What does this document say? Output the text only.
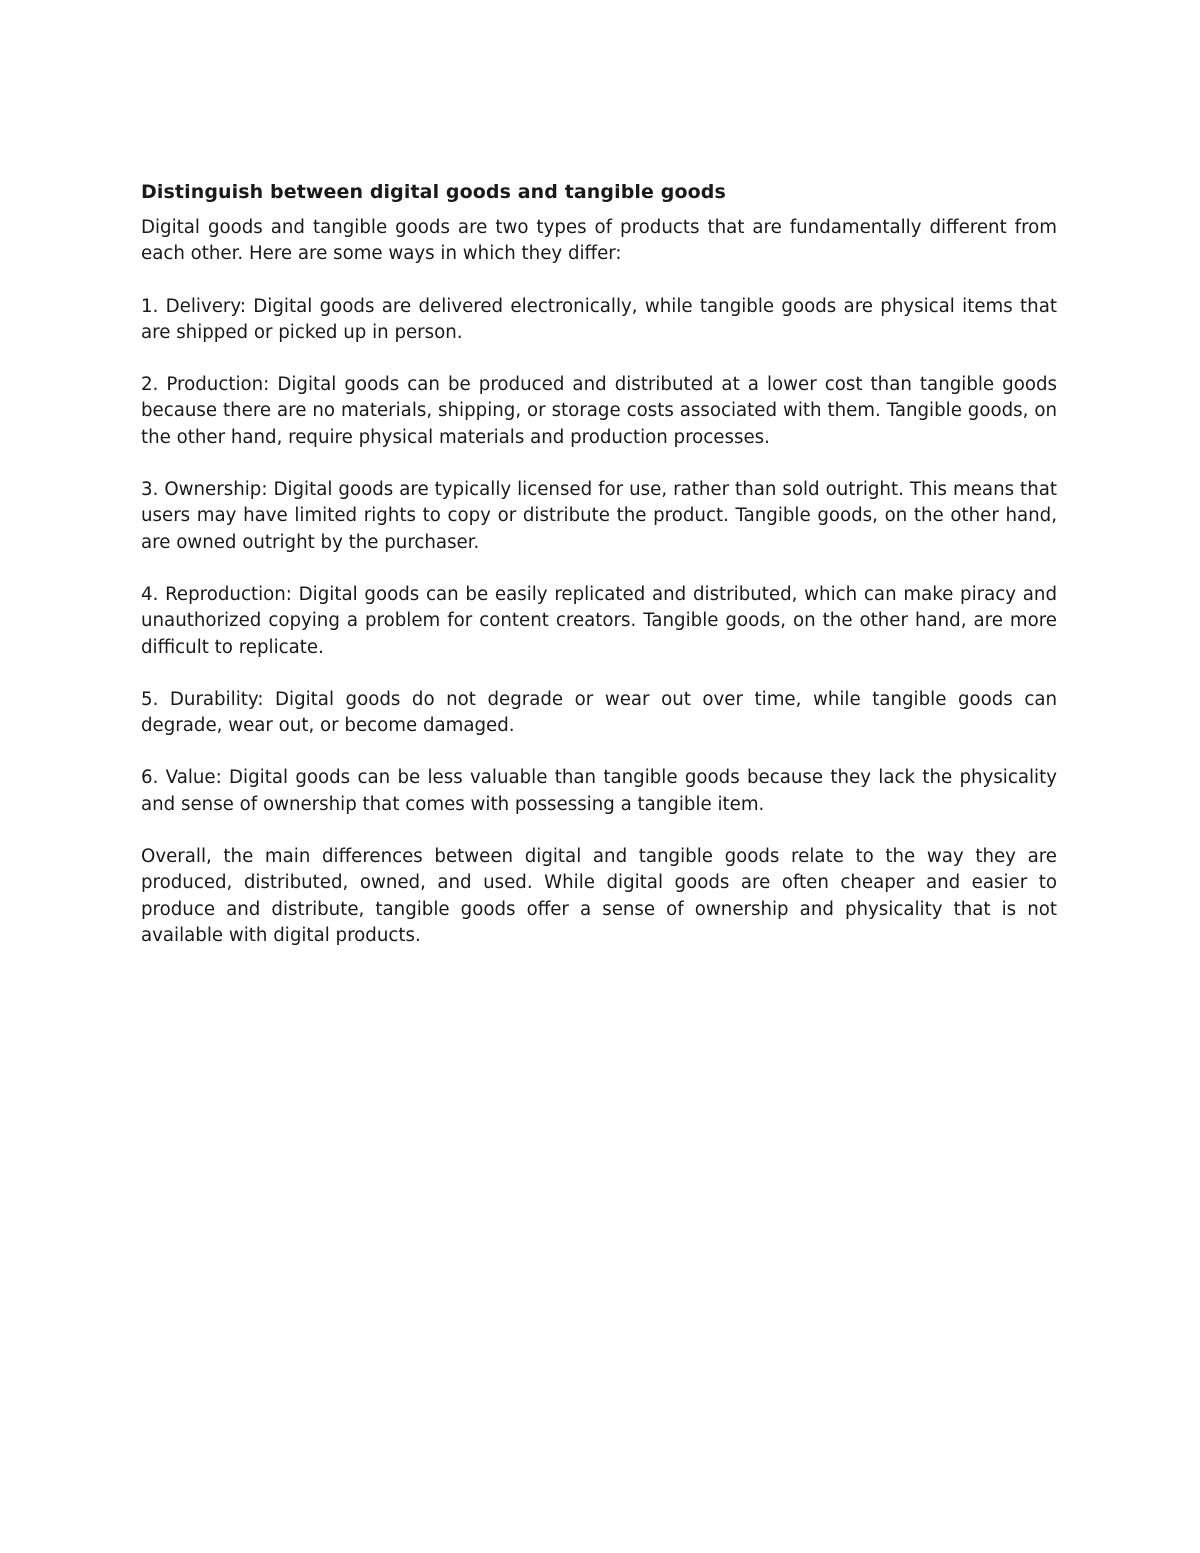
Distinguish between digital goods and tangible goods

Digital goods and tangible goods are two types of products that are fundamentally different from each other. Here are some ways in which they differ:

1. Delivery: Digital goods are delivered electronically, while tangible goods are physical items that are shipped or picked up in person.

2. Production: Digital goods can be produced and distributed at a lower cost than tangible goods because there are no materials, shipping, or storage costs associated with them. Tangible goods, on the other hand, require physical materials and production processes.

3. Ownership: Digital goods are typically licensed for use, rather than sold outright. This means that users may have limited rights to copy or distribute the product. Tangible goods, on the other hand, are owned outright by the purchaser.

4. Reproduction: Digital goods can be easily replicated and distributed, which can make piracy and unauthorized copying a problem for content creators. Tangible goods, on the other hand, are more difficult to replicate.

5. Durability: Digital goods do not degrade or wear out over time, while tangible goods can degrade, wear out, or become damaged.

6. Value: Digital goods can be less valuable than tangible goods because they lack the physicality and sense of ownership that comes with possessing a tangible item.

Overall, the main differences between digital and tangible goods relate to the way they are produced, distributed, owned, and used. While digital goods are often cheaper and easier to produce and distribute, tangible goods offer a sense of ownership and physicality that is not available with digital products.
